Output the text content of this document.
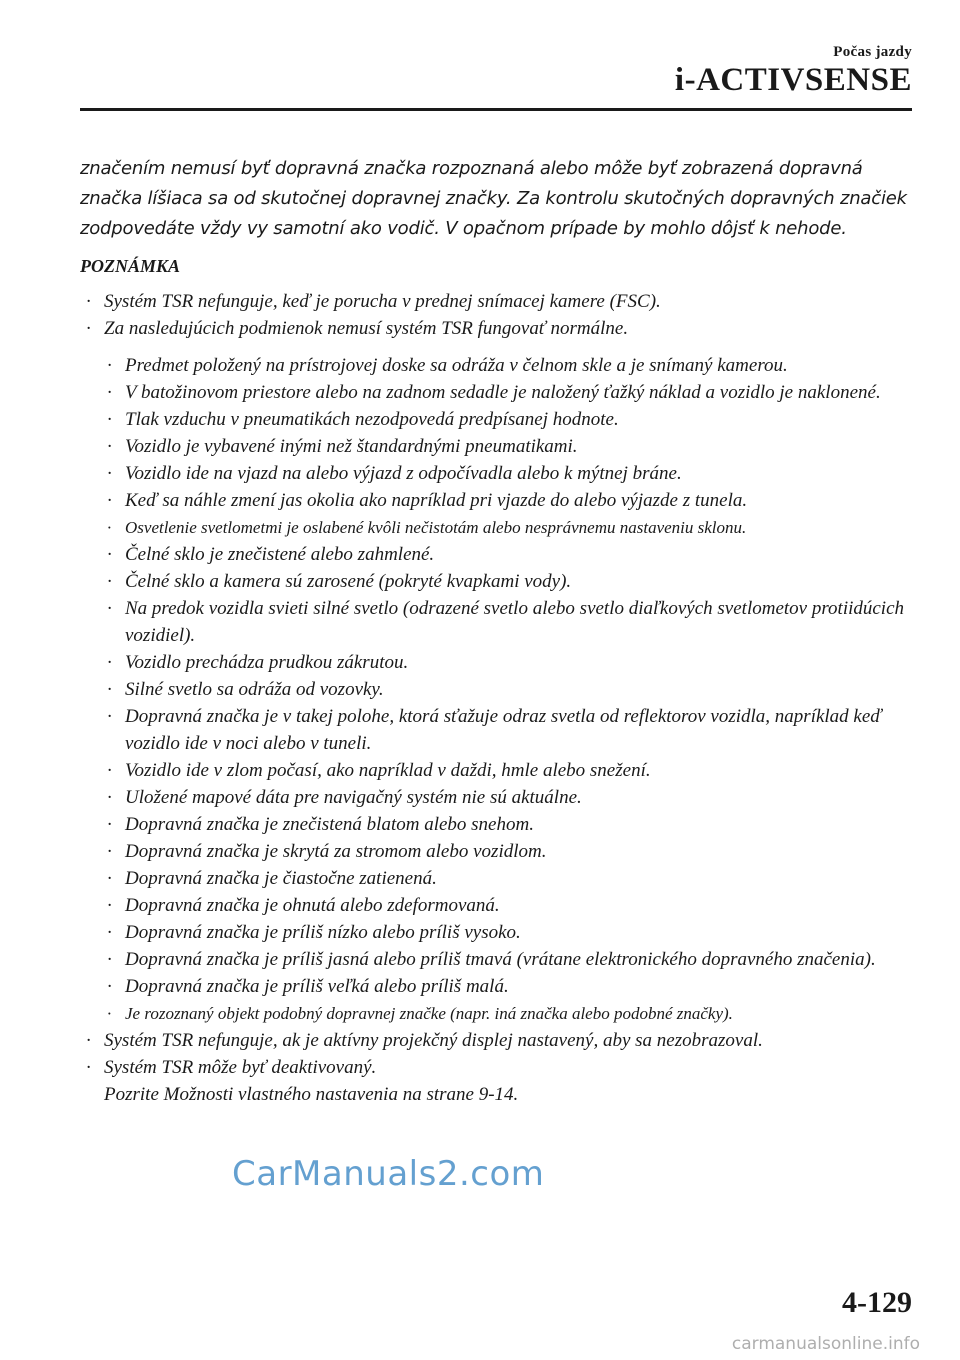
Počas jazdy
i-ACTIVSENSE
značením nemusí byť dopravná značka rozpoznaná alebo môže byť zobrazená dopravná značka líšiaca sa od skutočnej dopravnej značky. Za kontrolu skutočných dopravných značiek zodpovedáte vždy vy samotní ako vodič. V opačnom prípade by mohlo dôjsť k nehode.
POZNÁMKA
· Systém TSR nefunguje, keď je porucha v prednej snímacej kamere (FSC).
· Za nasledujúcich podmienok nemusí systém TSR fungovať normálne.
· Predmet položený na prístrojovej doske sa odráža v čelnom skle a je snímaný kamerou.
· V batožinovom priestore alebo na zadnom sedadle je naložený ťažký náklad a vozidlo je naklonené.
· Tlak vzduchu v pneumatikách nezodpovedá predpísanej hodnote.
· Vozidlo je vybavené inými než štandardnými pneumatikami.
· Vozidlo ide na vjazd na alebo výjazd z odpočívadla alebo k mýtnej bráne.
· Keď sa náhle zmení jas okolia ako napríklad pri vjazde do alebo výjazde z tunela.
· Osvetlenie svetlometmi je oslabené kvôli nečistotám alebo nesprávnemu nastaveniu sklonu.
· Čelné sklo je znečistené alebo zahmlené.
· Čelné sklo a kamera sú zarosené (pokryté kvapkami vody).
· Na predok vozidla svieti silné svetlo (odrazené svetlo alebo svetlo diaľkových svetlometov protiidúcich vozidiel).
· Vozidlo prechádza prudkou zákrutou.
· Silné svetlo sa odráža od vozovky.
· Dopravná značka je v takej polohe, ktorá sťažuje odraz svetla od reflektorov vozidla, napríklad keď vozidlo ide v noci alebo v tuneli.
· Vozidlo ide v zlom počasí, ako napríklad v daždi, hmle alebo snežení.
· Uložené mapové dáta pre navigačný systém nie sú aktuálne.
· Dopravná značka je znečistená blatom alebo snehom.
· Dopravná značka je skrytá za stromom alebo vozidlom.
· Dopravná značka je čiastočne zatienená.
· Dopravná značka je ohnutá alebo zdeformovaná.
· Dopravná značka je príliš nízko alebo príliš vysoko.
· Dopravná značka je príliš jasná alebo príliš tmavá (vrátane elektronického dopravného značenia).
· Dopravná značka je príliš veľká alebo príliš malá.
· Je rozoznaný objekt podobný dopravnej značke (napr. iná značka alebo podobné značky).
· Systém TSR nefunguje, ak je aktívny projekčný displej nastavený, aby sa nezobrazoval.
· Systém TSR môže byť deaktivovaný.
Pozrite Možnosti vlastného nastavenia na strane 9-14.
CarManuals2.com
4-129
carmanualsonline.info
